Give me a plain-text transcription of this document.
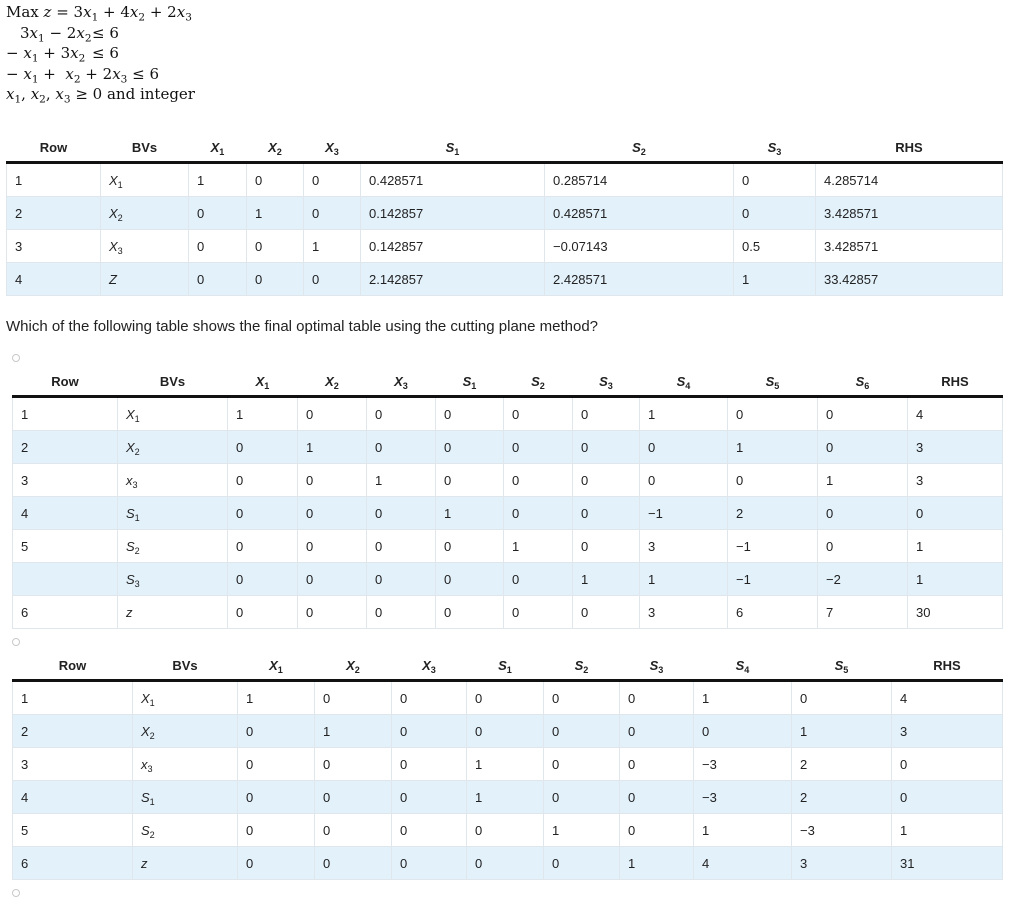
Max $z = 3x_1 + 4x_2 + 2x_3$
$3x_1 - 2x_2\le 6$
− $x_1 + 3x_2 \le 6$
− $x_1 + x_2 + 2x_3 \le 6$
$x_1$, $x_2$, $x_3 \ge 0$ and integer
Row	BVs	$X_1$	$X_2$	$X_3$	$S_1$	$S_2$	$S_3$	RHS
1	$X_1$	1	0	0	0.428571	0.285714	0	4.285714
2	$X_2$	0	1	0	0.142857	0.428571	0	3.428571
3	$X_3$	0	0	1	0.142857	−0.07143	0.5	3.428571
4	Z	0	0	0	2.142857	2.428571	1	33.42857
Which of the following table shows the final optimal table using the cutting plane method?
Row	BVs	$X_1$	$X_2$	$X_3$	$S_1$	$S_2$	$S_3$	$S_4$	$S_5$	$S_6$	RHS
1	$X_1$	1	0	0	0	0	0	1	0	0	4
2	$X_2$	0	1	0	0	0	0	0	1	0	3
3	$x_3$	0	0	1	0	0	0	0	0	1	3
4	$S_1$	0	0	0	1	0	0	−1	2	0	0
5	$S_2$	0	0	0	0	1	0	3	−1	0	1
	$S_3$	0	0	0	0	0	1	1	−1	−2	1
6	z	0	0	0	0	0	0	3	6	7	30
Row	BVs	$X_1$	$X_2$	$X_3$	$S_1$	$S_2$	$S_3$	$S_4$	$S_5$	RHS
1	$X_1$	1	0	0	0	0	0	1	0	4
2	$X_2$	0	1	0	0	0	0	0	1	3
3	$x_3$	0	0	0	1	0	0	−3	2	0
4	$S_1$	0	0	0	1	0	0	−3	2	0
5	$S_2$	0	0	0	0	1	0	1	−3	1
6	z	0	0	0	0	0	1	4	3	31
